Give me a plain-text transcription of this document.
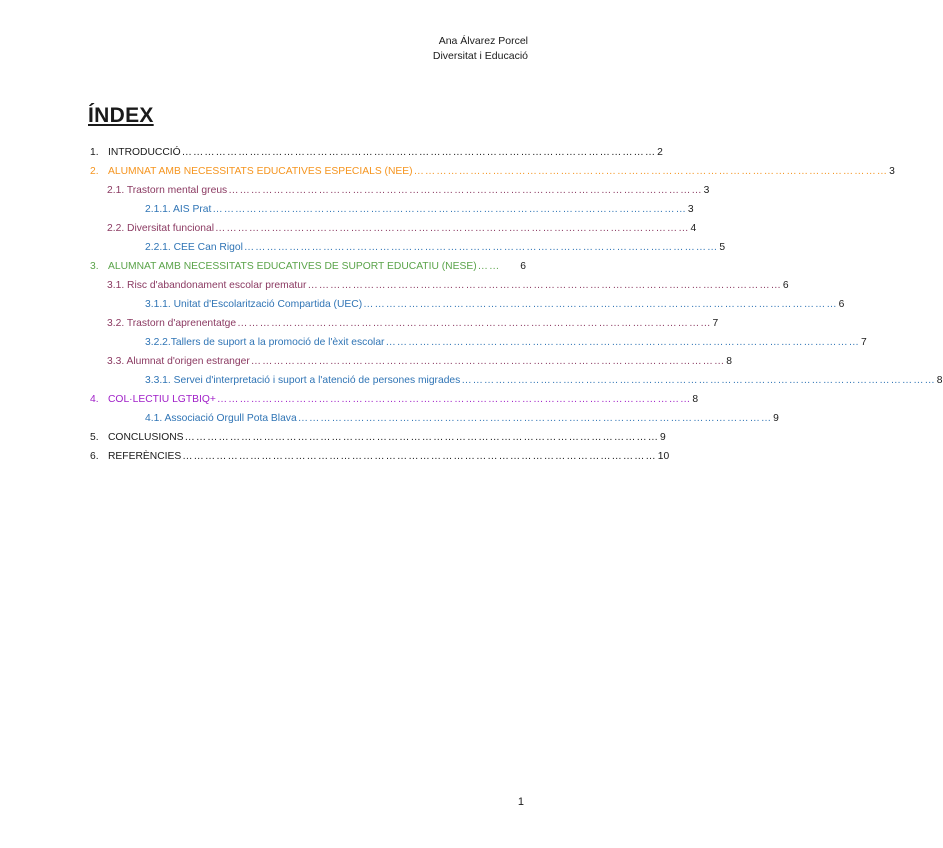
Ana Álvarez Porcel
Diversitat i Educació
ÍNDEX
1. INTRODUCCIÓ ……………………………………………………………………………………………………………… 2
2. ALUMNAT AMB NECESSITATS EDUCATIVES ESPECIALS (NEE) ……………………………………………………………………………………………………………… 3
2.1. Trastorn mental greus ……………………………………………………………………………………………………………… 3
2.1.1. AIS Prat ……………………………………………………………………………………………………………… 3
2.2. Diversitat funcional ……………………………………………………………………………………………………………… 4
2.2.1. CEE Can Rigol ……………………………………………………………………………………………………………… 5
3. ALUMNAT AMB NECESSITATS EDUCATIVES DE SUPORT EDUCATIU (NESE) ……	6
3.1. Risc d'abandonament escolar prematur ……………………………………………………………………………………………………………… 6
3.1.1. Unitat d'Escolarització Compartida (UEC) ……………………………………………………………………………………………………………… 6
3.2. Trastorn d'aprenentatge ……………………………………………………………………………………………………………… 7
3.2.2.Tallers de suport a la promoció de l'èxit escolar ……………………………………………………………………………………………………………… 7
3.3. Alumnat d'origen estranger ……………………………………………………………………………………………………………… 8
3.3.1. Servei d'interpretació i suport a l'atenció de persones migrades ……………………………………………………………………………………………………………… 8
4. COL·LECTIU LGTBIQ+ ……………………………………………………………………………………………………………… 8
4.1. Associació Orgull Pota Blava ……………………………………………………………………………………………………………… 9
5. CONCLUSIONS ……………………………………………………………………………………………………………… 9
6. REFERÈNCIES ……………………………………………………………………………………………………………… 10
1
